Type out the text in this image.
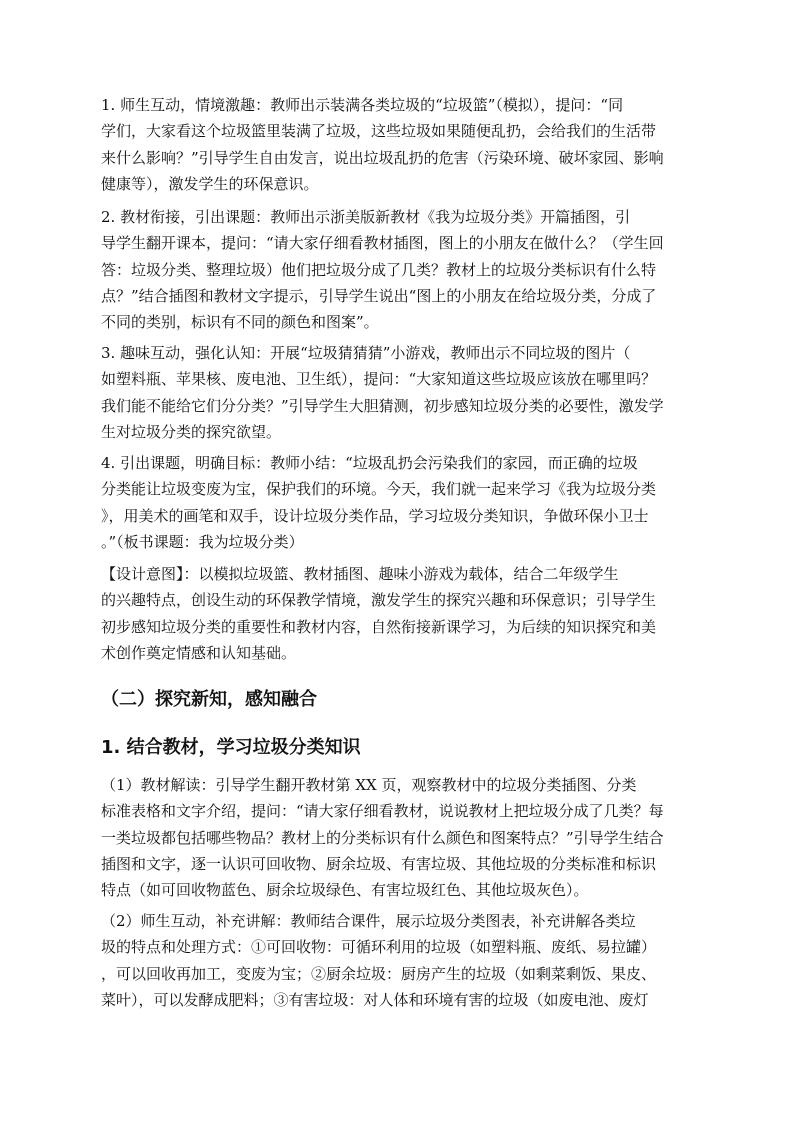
1. 师生互动，情境激趣：教师出示装满各类垃圾的“垃圾篮”（模拟），提问：“同
学们，大家看这个垃圾篮里装满了垃圾，这些垃圾如果随便乱扔，会给我们的生活带
来什么影响？”引导学生自由发言，说出垃圾乱扔的危害（污染环境、破坏家园、影响
健康等），激发学生的环保意识。

2. 教材衔接，引出课题：教师出示浙美版新教材《我为垃圾分类》开篇插图，引
导学生翻开课本，提问：“请大家仔细看教材插图，图上的小朋友在做什么？（学生回
答：垃圾分类、整理垃圾）他们把垃圾分成了几类？教材上的垃圾分类标识有什么特
点？”结合插图和教材文字提示，引导学生说出“图上的小朋友在给垃圾分类，分成了
不同的类别，标识有不同的颜色和图案”。

3. 趣味互动，强化认知：开展“垃圾猜猜猜”小游戏，教师出示不同垃圾的图片（
如塑料瓶、苹果核、废电池、卫生纸），提问：“大家知道这些垃圾应该放在哪里吗？
我们能不能给它们分分类？”引导学生大胆猜测，初步感知垃圾分类的必要性，激发学
生对垃圾分类的探究欲望。

4. 引出课题，明确目标：教师小结：“垃圾乱扔会污染我们的家园，而正确的垃圾
分类能让垃圾变废为宝，保护我们的环境。今天，我们就一起来学习《我为垃圾分类
》，用美术的画笔和双手，设计垃圾分类作品，学习垃圾分类知识，争做环保小卫士
。”（板书课题：我为垃圾分类）

【设计意图】：以模拟垃圾篮、教材插图、趣味小游戏为载体，结合二年级学生
的兴趣特点，创设生动的环保教学情境，激发学生的探究兴趣和环保意识；引导学生
初步感知垃圾分类的重要性和教材内容，自然衔接新课学习，为后续的知识探究和美
术创作奠定情感和认知基础。

（二）探究新知，感知融合
1. 结合教材，学习垃圾分类知识

（1）教材解读：引导学生翻开教材第 XX 页，观察教材中的垃圾分类插图、分类
标准表格和文字介绍，提问：“请大家仔细看教材，说说教材上把垃圾分成了几类？每
一类垃圾都包括哪些物品？教材上的分类标识有什么颜色和图案特点？”引导学生结合
插图和文字，逐一认识可回收物、厨余垃圾、有害垃圾、其他垃圾的分类标准和标识
特点（如可回收物蓝色、厨余垃圾绿色、有害垃圾红色、其他垃圾灰色）。

（2）师生互动，补充讲解：教师结合课件，展示垃圾分类图表，补充讲解各类垃
圾的特点和处理方式：①可回收物：可循环利用的垃圾（如塑料瓶、废纸、易拉罐）
，可以回收再加工，变废为宝；②厨余垃圾：厨房产生的垃圾（如剩菜剩饭、果皮、
菜叶），可以发酵成肥料；③有害垃圾：对人体和环境有害的垃圾（如废电池、废灯
